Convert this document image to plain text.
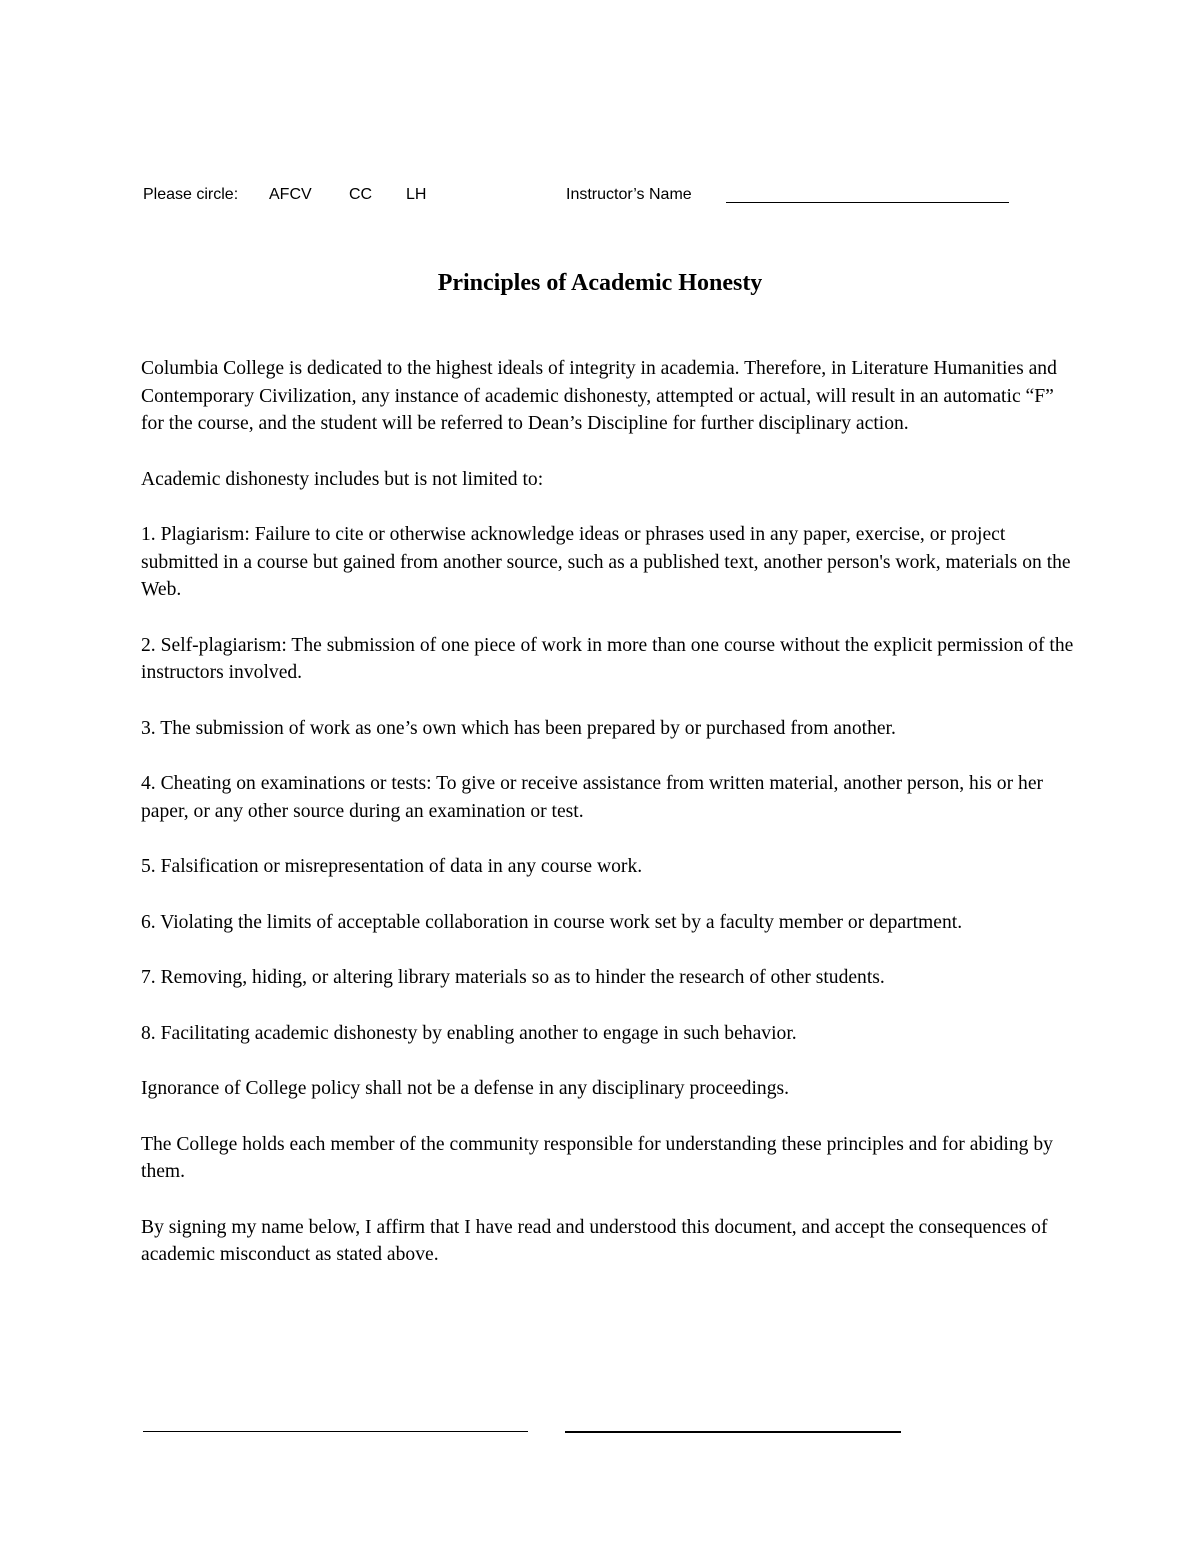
Please circle: AFCV CC LH	Instructor’s Name
Principles of Academic Honesty

Columbia College is dedicated to the highest ideals of integrity in academia. Therefore, in Literature Humanities and Contemporary Civilization, any instance of academic dishonesty, attempted or actual, will result in an automatic “F” for the course, and the student will be referred to Dean’s Discipline for further disciplinary action.

Academic dishonesty includes but is not limited to:

1. Plagiarism: Failure to cite or otherwise acknowledge ideas or phrases used in any paper, exercise, or project submitted in a course but gained from another source, such as a published text, another person's work, materials on the Web.

2. Self-plagiarism: The submission of one piece of work in more than one course without the explicit permission of the instructors involved.

3. The submission of work as one’s own which has been prepared by or purchased from another.

4. Cheating on examinations or tests: To give or receive assistance from written material, another person, his or her paper, or any other source during an examination or test.

5. Falsification or misrepresentation of data in any course work.

6. Violating the limits of acceptable collaboration in course work set by a faculty member or department.

7. Removing, hiding, or altering library materials so as to hinder the research of other students.

8. Facilitating academic dishonesty by enabling another to engage in such behavior.

Ignorance of College policy shall not be a defense in any disciplinary proceedings.

The College holds each member of the community responsible for understanding these principles and for abiding by them.

By signing my name below, I affirm that I have read and understood this document, and accept the consequences of academic misconduct as stated above.
